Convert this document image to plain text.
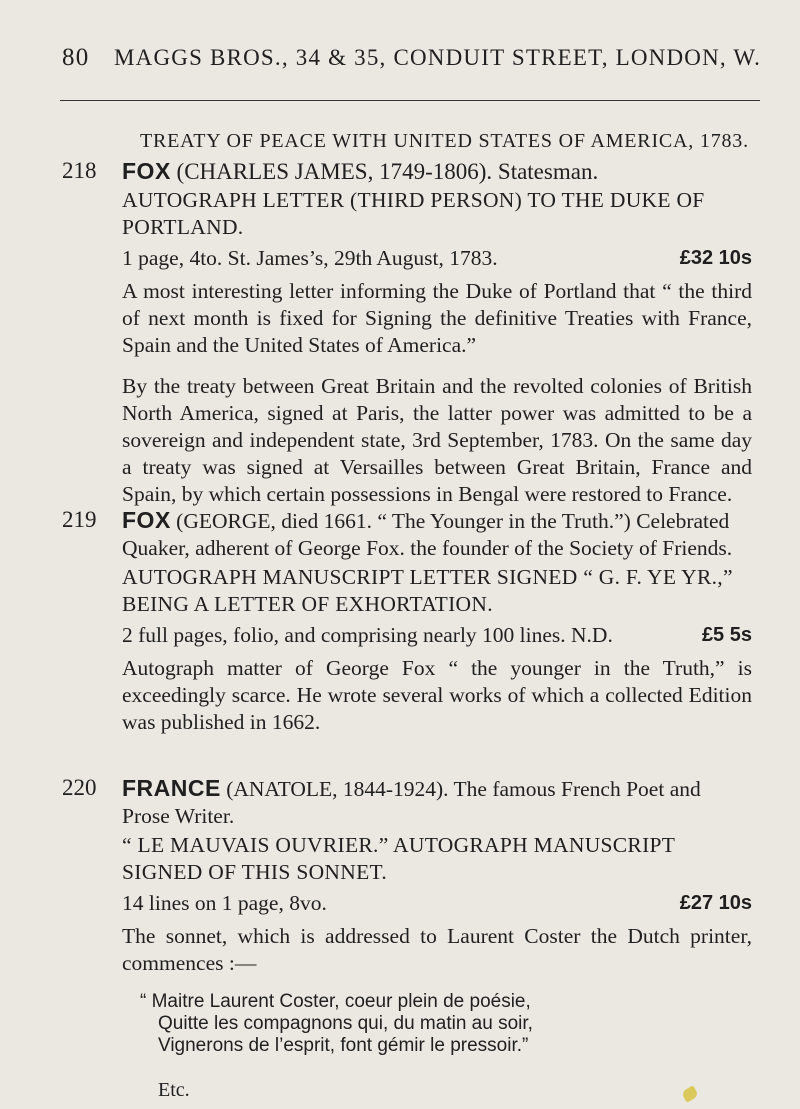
80 MAGGS BROS., 34 & 35, CONDUIT STREET, LONDON, W.
TREATY OF PEACE WITH UNITED STATES OF AMERICA, 1783.
218 FOX (CHARLES JAMES, 1749-1806). Statesman.
AUTOGRAPH LETTER (THIRD PERSON) TO THE DUKE OF PORTLAND.
1 page, 4to. St. James’s, 29th August, 1783.	£32 10s
A most interesting letter informing the Duke of Portland that “ the third of next month is fixed for Signing the definitive Treaties with France, Spain and the United States of America.”
By the treaty between Great Britain and the revolted colonies of British North America, signed at Paris, the latter power was admitted to be a sovereign and independent state, 3rd September, 1783. On the same day a treaty was signed at Versailles between Great Britain, France and Spain, by which certain possessions in Bengal were restored to France.
219 FOX (GEORGE, died 1661. “ The Younger in the Truth.”) Celebrated Quaker, adherent of George Fox. the founder of the Society of Friends.
AUTOGRAPH MANUSCRIPT LETTER SIGNED “ G. F. YE YR.,” BEING A LETTER OF EXHORTATION.
2 full pages, folio, and comprising nearly 100 lines. N.D.	£5 5s
Autograph matter of George Fox “ the younger in the Truth,” is exceedingly scarce. He wrote several works of which a collected Edition was published in 1662.
220 FRANCE (ANATOLE, 1844-1924). The famous French Poet and Prose Writer.
“ LE MAUVAIS OUVRIER.” AUTOGRAPH MANUSCRIPT SIGNED OF THIS SONNET.
14 lines on 1 page, 8vo.	£27 10s
The sonnet, which is addressed to Laurent Coster the Dutch printer, commences :—
“ Maitre Laurent Coster, coeur plein de poésie,
Quitte les compagnons qui, du matin au soir,
Vignerons de l’esprit, font gémir le pressoir.”

Etc.
